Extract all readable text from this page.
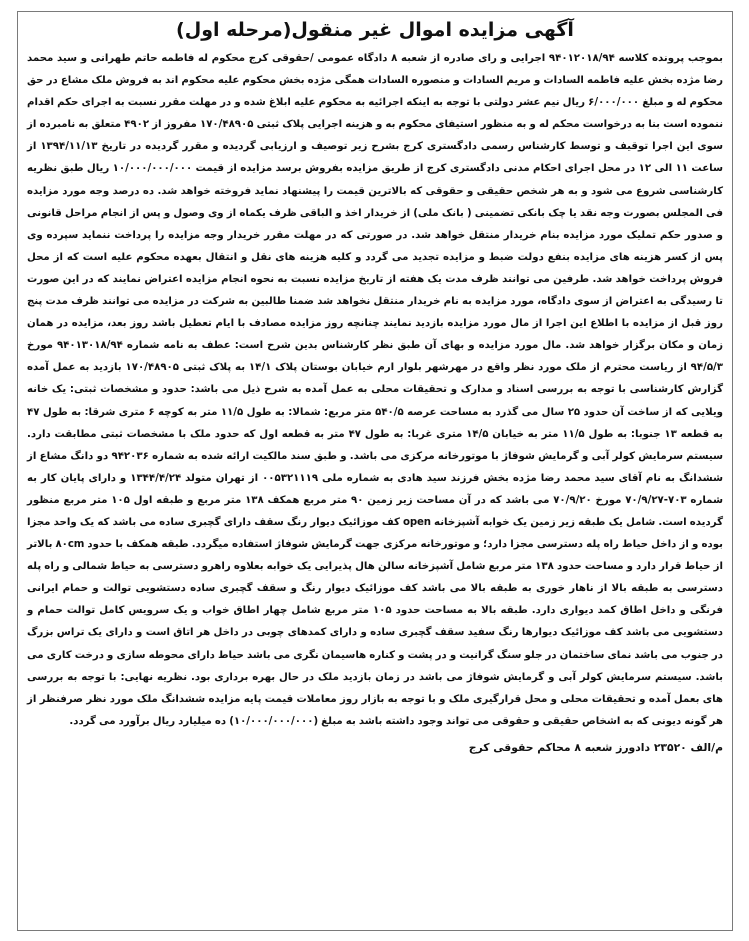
آگهی مزایده اموال غیر منقول(مرحله اول)

بموجب پرونده کلاسه ۹۴۰۱۲۰۱۸/۹۴ اجرایی و رای صادره از شعبه ۸ دادگاه عمومی /حقوقی کرج محکوم له فاطمه حاتم طهرانی و سید محمد رضا مژده بخش علیه فاطمه السادات و مریم السادات و منصوره السادات همگی مژده بخش محکوم علیه محکوم اند به فروش ملک مشاع در حق محکوم له و مبلغ ۶/۰۰۰/۰۰۰ ریال نیم عشر دولتی با توجه به اینکه اجرائیه به محکوم علیه ابلاغ شده و در مهلت مقرر نسبت به اجرای حکم اقدام ننموده است بنا به درخواست محکم له و به منظور استیفای محکوم به و هزینه اجرایی پلاک ثبتی ۱۷۰/۴۸۹۰۵ مفروز از ۴۹۰۲ متعلق به نامبرده از سوی این اجرا توقیف و توسط کارشناس رسمی دادگستری کرج بشرح زیر توصیف و ارزیابی گردیده و مقرر گردیده در تاریخ ۱۳۹۴/۱۱/۱۳ از ساعت ۱۱ الی ۱۲ در محل اجرای احکام مدنی دادگستری کرج از طریق مزایده بفروش برسد مزایده از قیمت ۱۰/۰۰۰/۰۰۰/۰۰۰ ریال طبق نظریه کارشناسی شروع می شود و به هر شخص حقیقی و حقوقی که بالاترین قیمت را پیشنهاد نماید فروخته خواهد شد. ده درصد وجه مورد مزایده فی المجلس بصورت وجه نقد یا چک بانکی تضمینی ( بانک ملی) از خریدار اخذ و الباقی ظرف یکماه از وی وصول و پس از انجام مراحل قانونی و صدور حکم تملیک مورد مزایده بنام خریدار منتقل خواهد شد. در صورتی که در مهلت مقرر خریدار وجه مزایده را پرداخت ننماید سپرده وی پس از کسر هزینه های مزایده بنفع دولت ضبط و مزایده تجدید می گردد و کلیه هزینه های نقل و انتقال بعهده محکوم علیه است که از محل فروش پرداخت خواهد شد. طرفین می توانند ظرف مدت یک هفته از تاریخ مزایده نسبت به نحوه انجام مزایده اعتراض نمایند که در این صورت تا رسیدگی به اعتراض از سوی دادگاه، مورد مزایده به نام خریدار منتقل نخواهد شد ضمنا طالبین به شرکت در مزایده می توانند ظرف مدت پنج روز قبل از مزایده با اطلاع این اجرا از مال مورد مزایده بازدید نمایند چنانچه روز مزایده مصادف با ایام تعطیل باشد روز بعد، مزایده در همان زمان و مکان برگزار خواهد شد. مال مورد مزایده و بهای آن طبق نظر کارشناس بدین شرح است: عطف به نامه شماره ۹۴۰۱۳۰۱۸/۹۴ مورخ ۹۴/۵/۳ از ریاست محترم از ملک مورد نظر واقع در مهرشهر بلوار ارم خیابان بوستان پلاک ۱۴/۱ به پلاک ثبتی ۱۷۰/۴۸۹۰۵ بازدید به عمل آمده گزارش کارشناسی با توجه به بررسی اسناد و مدارک و تحقیقات محلی به عمل آمده به شرح ذیل می باشد: حدود و مشخصات ثبتی: یک خانه ویلایی که از ساخت آن حدود ۲۵ سال می گذرد به مساحت عرصه ۵۴۰/۵ متر مربع: شمالا: به طول ۱۱/۵ متر به کوچه ۶ متری شرقا: به طول ۴۷ به قطعه ۱۳ جنوبا: به طول ۱۱/۵ متر به خیابان ۱۴/۵ متری غربا: به طول ۴۷ متر به قطعه اول که حدود ملک با مشخصات ثبتی مطابقت دارد. سیستم سرمایش کولر آبی و گرمایش شوفاژ با موتورخانه مرکزی می باشد. و طبق سند مالکیت ارائه شده به شماره ۹۴۲۰۳۶ دو دانگ مشاع از ششدانگ به نام آقای سید محمد رضا مژده بخش فرزند سید هادی به شماره ملی ۰۰۵۳۲۱۱۱۹ از تهران متولد ۱۳۴۴/۴/۲۴ و دارای پایان کار به شماره ۷۰۳-۷۰/۹/۲۷ مورخ ۷۰/۹/۲۰ می باشد که در آن مساحت زیر زمین ۹۰ متر مربع همکف ۱۳۸ متر مربع و طبقه اول ۱۰۵ متر مربع منظور گردیده است. شامل یک طبقه زیر زمین یک خوابه آشپزخانه open کف موزائیک دیوار رنگ سقف دارای گچبری ساده می باشد که یک واحد مجزا بوده و از داخل حیاط راه پله دسترسی مجزا دارد؛ و موتورخانه مرکزی جهت گرمایش شوفاژ استفاده میگردد. طبقه همکف با حدود ۸۰cm بالاتر از حیاط قرار دارد و مساحت حدود ۱۳۸ متر مربع شامل آشپزخانه سالن هال پذیرایی یک خوابه بعلاوه راهرو دسترسی به حیاط شمالی و راه پله دسترسی به طبقه بالا از ناهار خوری به طبقه بالا می باشد کف موزائیک دیوار رنگ و سقف گچبری ساده دستشویی توالت و حمام ایرانی فرنگی و داخل اطاق کمد دیواری دارد. طبقه بالا به مساحت حدود ۱۰۵ متر مربع شامل چهار اطاق خواب و یک سرویس کامل توالت حمام و دستشویی می باشد کف موزائیک دیوارها رنگ سفید سقف گچبری ساده و دارای کمدهای چوبی در داخل هر اتاق است و دارای یک تراس بزرگ در جنوب می باشد نمای ساختمان در جلو سنگ گرانیت و در پشت و کناره هاسیمان نگری می باشد حیاط دارای محوطه سازی و درخت کاری می باشد. سیستم سرمایش کولر آبی و گرمایش شوفاژ می باشد در زمان بازدید ملک در حال بهره برداری بود. نظریه نهایی: با توجه به بررسی های بعمل آمده و تحقیقات محلی و محل قرارگیری ملک و با توجه به بازار روز معاملات قیمت پایه مزایده ششدانگ ملک مورد نظر صرفنظر از هر گونه دیونی که به اشخاص حقیقی و حقوقی می تواند وجود داشته باشد به مبلغ (۱۰/۰۰۰/۰۰۰/۰۰۰) ده میلیارد ریال برآورد می گردد.

م/الف ۲۳۵۲۰ دادورز شعبه ۸ محاکم حقوقی کرج
